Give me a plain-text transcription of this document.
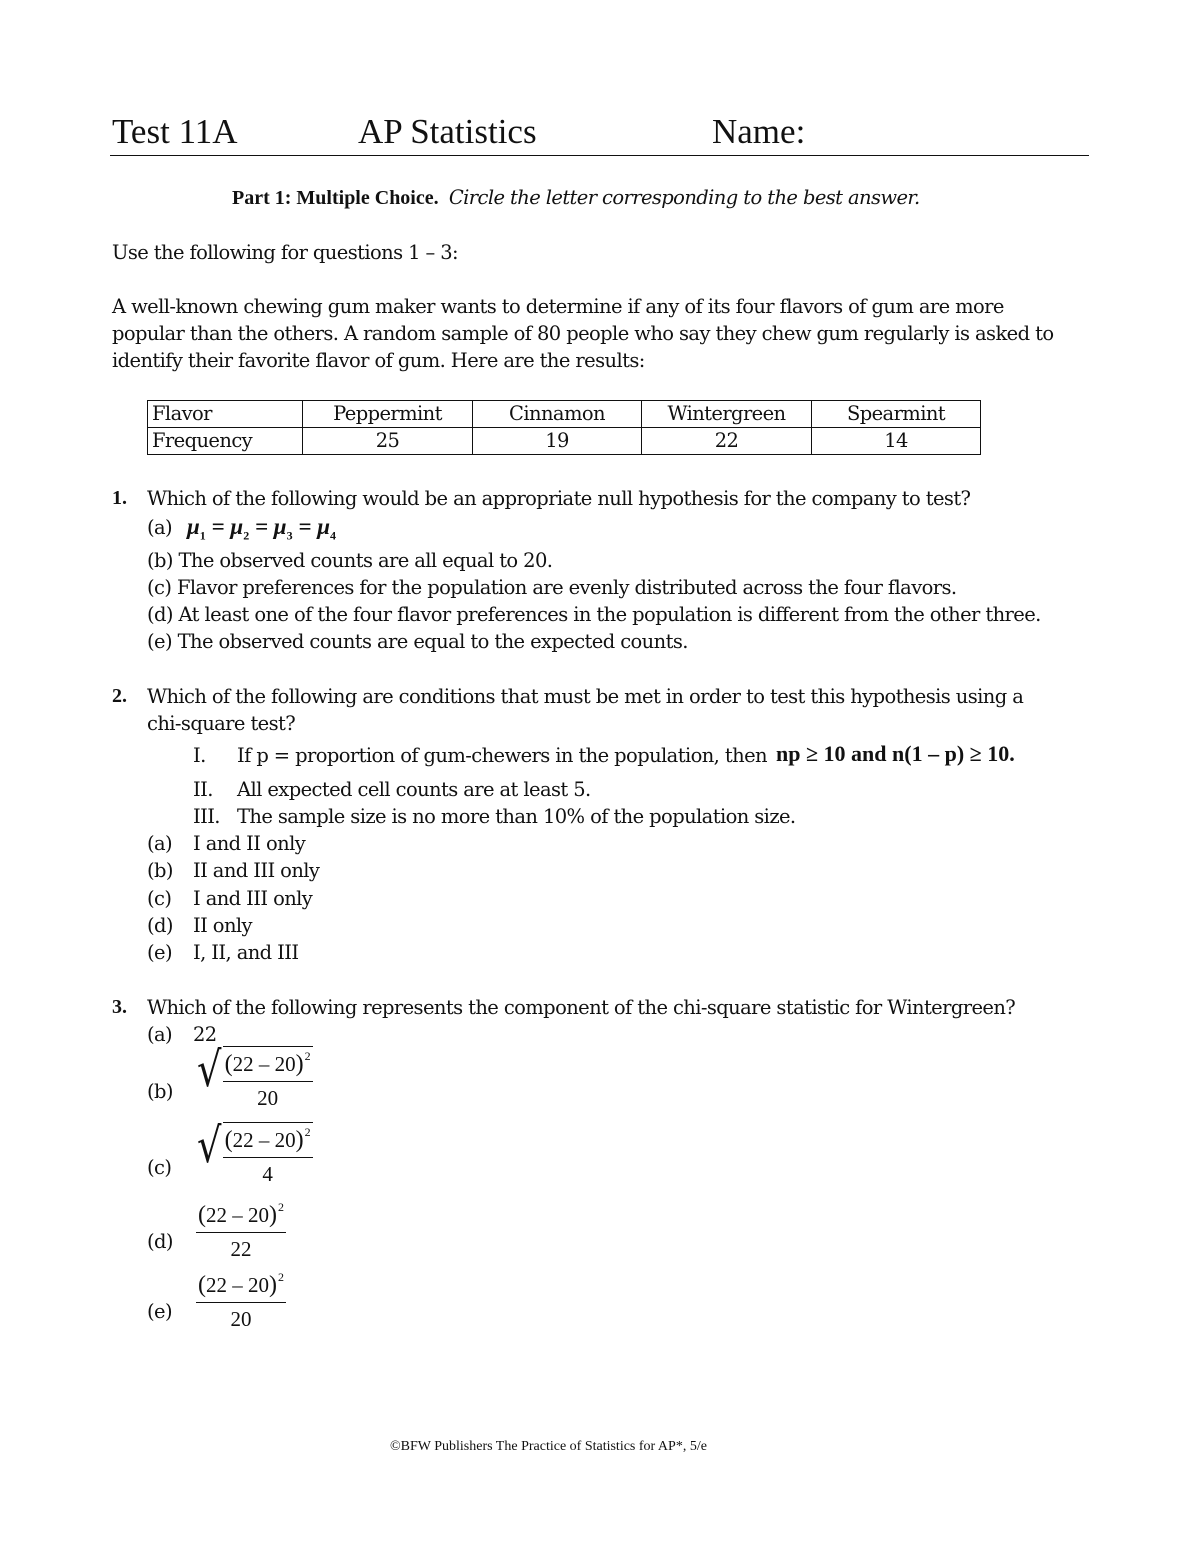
Test 11A	AP Statistics	Name:
Part 1: Multiple Choice. Circle the letter corresponding to the best answer.
Use the following for questions 1 – 3:
A well-known chewing gum maker wants to determine if any of its four flavors of gum are more
popular than the others. A random sample of 80 people who say they chew gum regularly is asked to
identify their favorite flavor of gum. Here are the results:
Flavor	Peppermint	Cinnamon	Wintergreen	Spearmint
Frequency	25	19	22	14
1. Which of the following would be an appropriate null hypothesis for the company to test?
(a) $\mu_1 = \mu_2 = \mu_3 = \mu_4$
(b) The observed counts are all equal to 20.
(c) Flavor preferences for the population are evenly distributed across the four flavors.
(d) At least one of the four flavor preferences in the population is different from the other three.
(e) The observed counts are equal to the expected counts.
2. Which of the following are conditions that must be met in order to test this hypothesis using a
chi-square test?
I. If p = proportion of gum-chewers in the population, then np ≥ 10 and n(1 – p) ≥ 10.
II. All expected cell counts are at least 5.
III. The sample size is no more than 10% of the population size.
(a) I and II only
(b) II and III only
(c) I and III only
(d) II only
(e) I, II, and III
3. Which of the following represents the component of the chi-square statistic for Wintergreen?
(a) 22
(b) √ $\frac{(22 - 20)^2}{20}$
(c) √ $\frac{(22 - 20)^2}{4}$
$(d) \frac{(22 - 20)^2}{22}$
$(e) \frac{(22 - 20)^2}{20}$
©BFW Publishers The Practice of Statistics for AP*, 5/e
